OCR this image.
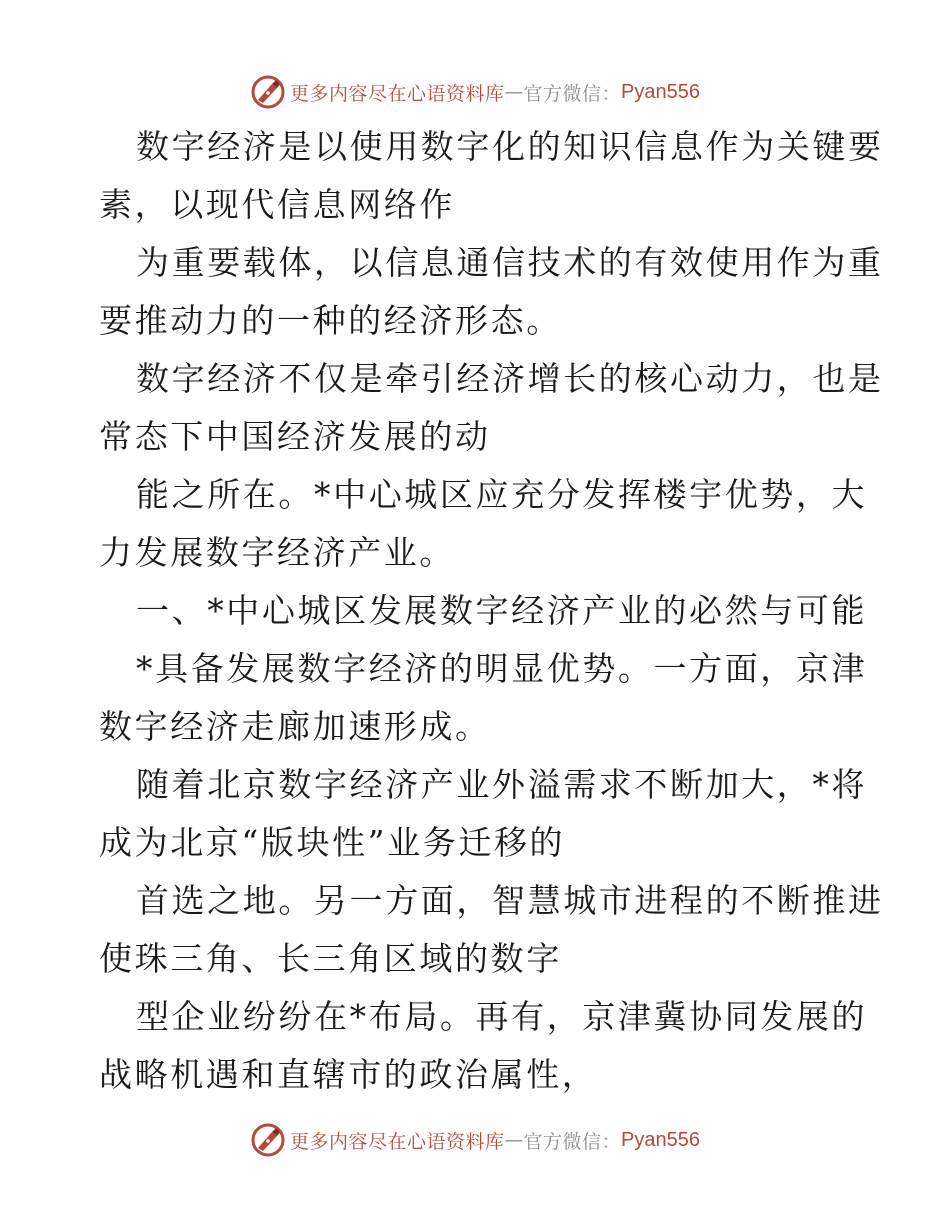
更多内容尽在心语资料库 — 官方微信： Pyan556
数字经济是以使用数字化的知识信息作为关键要
素，以现代信息网络作
为重要载体，以信息通信技术的有效使用作为重
要推动力的一种的经济形态。
数字经济不仅是牵引经济增长的核心动力，也是
常态下中国经济发展的动
能之所在。*中心城区应充分发挥楼宇优势，大
力发展数字经济产业。
一、*中心城区发展数字经济产业的必然与可能
*具备发展数字经济的明显优势。一方面，京津
数字经济走廊加速形成。
随着北京数字经济产业外溢需求不断加大，*将
成为北京“版块性”业务迁移的
首选之地。另一方面，智慧城市进程的不断推进
使珠三角、长三角区域的数字
型企业纷纷在*布局。再有，京津冀协同发展的
战略机遇和直辖市的政治属性，
更多内容尽在心语资料库 — 官方微信： Pyan556
